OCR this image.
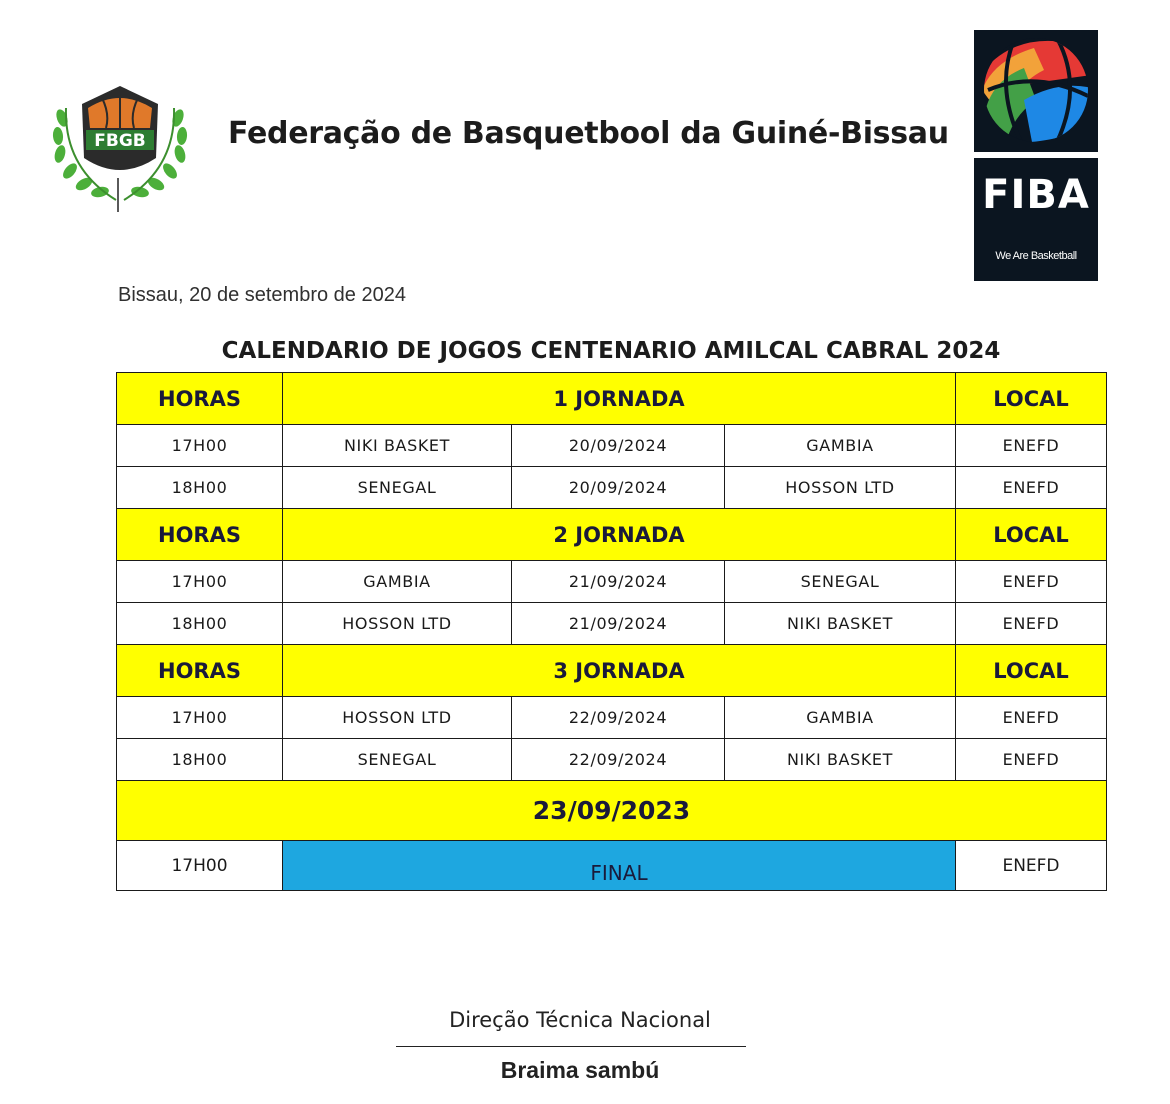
FBGB	Federação de Basquetbool da Guiné-Bissau
FIBA
We Are Basketball
Bissau, 20 de setembro de 2024
CALENDARIO DE JOGOS CENTENARIO AMILCAL CABRAL 2024
HORAS	1 JORNADA			LOCAL
17H00	NIKI BASKET	20/09/2024	GAMBIA	ENEFD
18H00	SENEGAL	20/09/2024	HOSSON LTD	ENEFD
HORAS	2 JORNADA			LOCAL
17H00	GAMBIA	21/09/2024	SENEGAL	ENEFD
18H00	HOSSON LTD	21/09/2024	NIKI BASKET	ENEFD
HORAS	3 JORNADA			LOCAL
17H00	HOSSON LTD	22/09/2024	GAMBIA	ENEFD
18H00	SENEGAL	22/09/2024	NIKI BASKET	ENEFD
23/09/2023				
17H00	FINAL			ENEFD
Direção Técnica Nacional
Braima sambú
